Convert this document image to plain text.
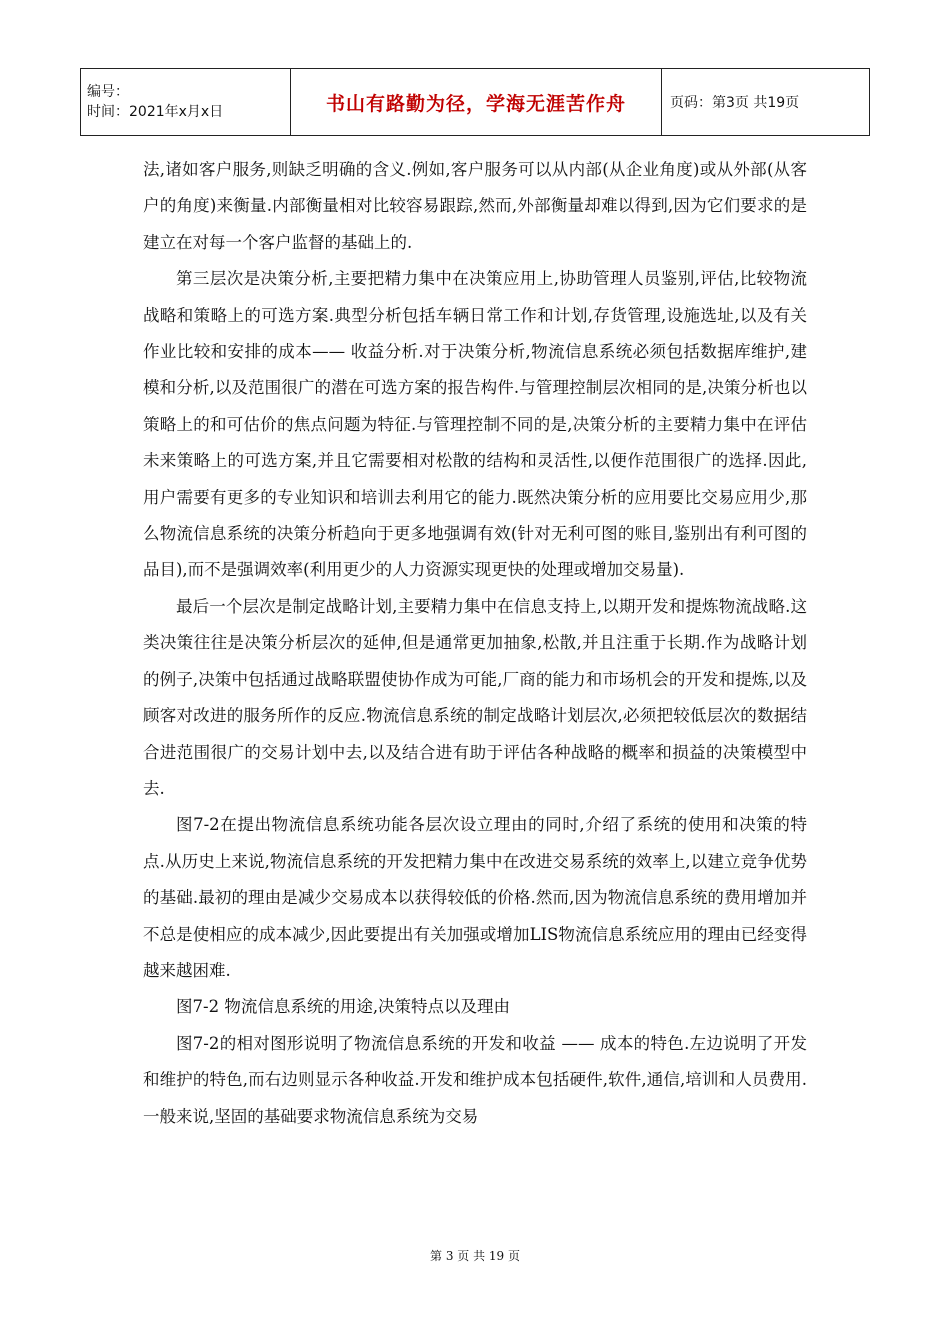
编号：
时间：2021年x月x日	书山有路勤为径，学海无涯苦作舟	页码：第3页 共19页

法,诸如客户服务,则缺乏明确的含义.例如,客户服务可以从内部(从企业角度)或从外部(从客户的角度)来衡量.内部衡量相对比较容易跟踪,然而,外部衡量却难以得到,因为它们要求的是建立在对每一个客户监督的基础上的.

第三层次是决策分析,主要把精力集中在决策应用上,协助管理人员鉴别,评估,比较物流战略和策略上的可选方案.典型分析包括车辆日常工作和计划,存货管理,设施选址,以及有关作业比较和安排的成本—— 收益分析.对于决策分析,物流信息系统必须包括数据库维护,建模和分析,以及范围很广的潜在可选方案的报告构件.与管理控制层次相同的是,决策分析也以策略上的和可估价的焦点问题为特征.与管理控制不同的是,决策分析的主要精力集中在评估未来策略上的可选方案,并且它需要相对松散的结构和灵活性,以便作范围很广的选择.因此,用户需要有更多的专业知识和培训去利用它的能力.既然决策分析的应用要比交易应用少,那么物流信息系统的决策分析趋向于更多地强调有效(针对无利可图的账目,鉴别出有利可图的品目),而不是强调效率(利用更少的人力资源实现更快的处理或增加交易量).

最后一个层次是制定战略计划,主要精力集中在信息支持上,以期开发和提炼物流战略.这类决策往往是决策分析层次的延伸,但是通常更加抽象,松散,并且注重于长期.作为战略计划的例子,决策中包括通过战略联盟使协作成为可能,厂商的能力和市场机会的开发和提炼,以及顾客对改进的服务所作的反应.物流信息系统的制定战略计划层次,必须把较低层次的数据结合进范围很广的交易计划中去,以及结合进有助于评估各种战略的概率和损益的决策模型中去.

图7-2在提出物流信息系统功能各层次设立理由的同时,介绍了系统的使用和决策的特点.从历史上来说,物流信息系统的开发把精力集中在改进交易系统的效率上,以建立竞争优势的基础.最初的理由是减少交易成本以获得较低的价格.然而,因为物流信息系统的费用增加并不总是使相应的成本减少,因此要提出有关加强或增加LIS物流信息系统应用的理由已经变得越来越困难.

图7-2 物流信息系统的用途,决策特点以及理由

图7-2的相对图形说明了物流信息系统的开发和收益 —— 成本的特色.左边说明了开发和维护的特色,而右边则显示各种收益.开发和维护成本包括硬件,软件,通信,培训和人员费用.一般来说,坚固的基础要求物流信息系统为交易

第 3 页 共 19 页
